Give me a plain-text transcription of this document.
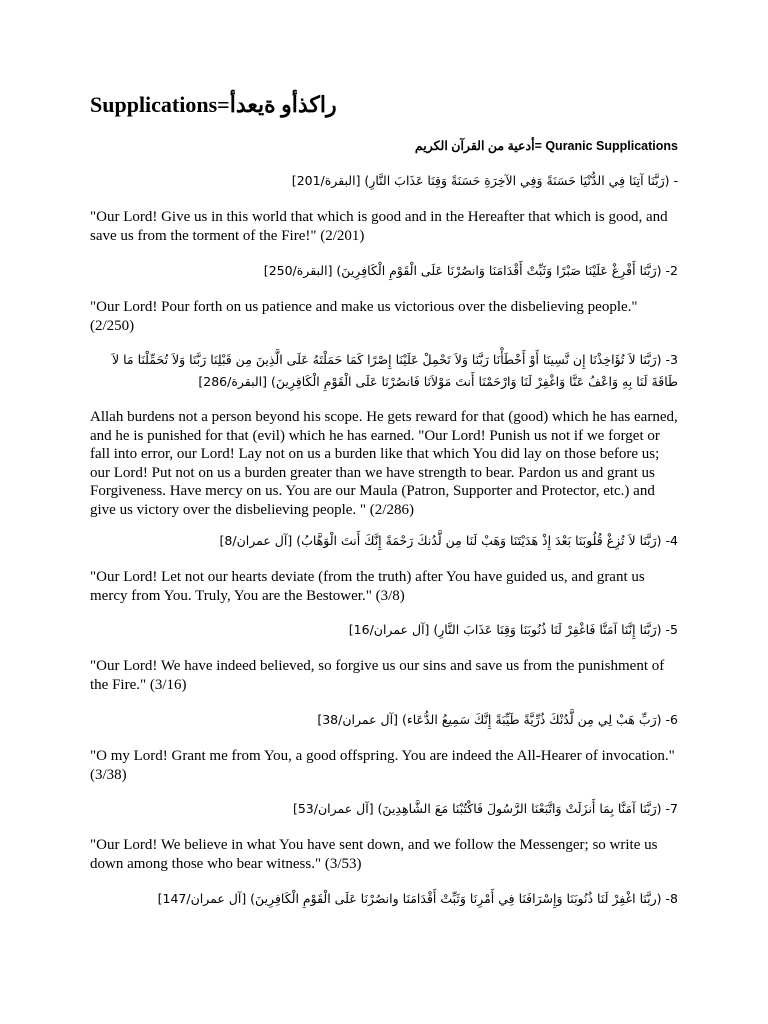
Supplications=راكذأو ةيعدأ
أدعية من القرآن الكريم= Quranic Supplications
- (رَبَّنَا آتِنَا فِي الدُّنْيَا حَسَنَةً وَفِي الآخِرَةِ حَسَنَةً وَقِنَا عَذَابَ النَّارِ) [البقرة/201]
"Our Lord! Give us in this world that which is good and in the Hereafter that which is good, and save us from the torment of the Fire!" (2/201)
2- (رَبَّنَا أَفْرِغْ عَلَيْنَا صَبْرًا وَثَبِّتْ أَقْدَامَنَا وَانصُرْنَا عَلَى الْقَوْمِ الْكَافِرِينَ) [البقرة/250]
"Our Lord! Pour forth on us patience and make us victorious over the disbelieving people." (2/250)
3- (رَبَّنَا لاَ تُؤَاخِذْنَا إِن نَّسِينَا أَوْ أَخْطَأْنَا رَبَّنَا وَلاَ تَحْمِلْ عَلَيْنَا إِصْرًا كَمَا حَمَلْتَهُ عَلَى الَّذِينَ مِن قَبْلِنَا رَبَّنَا وَلاَ تُحَمِّلْنَا مَا لاَ طَاقَةَ لَنَا بِهِ وَاعْفُ عَنَّا وَاغْفِرْ لَنَا وَارْحَمْنَا أَنتَ مَوْلاَنَا فَانصُرْنَا عَلَى الْقَوْمِ الْكَافِرِينَ) [البقرة/286]
Allah burdens not a person beyond his scope. He gets reward for that (good) which he has earned, and he is punished for that (evil) which he has earned. "Our Lord! Punish us not if we forget or fall into error, our Lord! Lay not on us a burden like that which You did lay on those before us; our Lord! Put not on us a burden greater than we have strength to bear. Pardon us and grant us Forgiveness. Have mercy on us. You are our Maula (Patron, Supporter and Protector, etc.) and give us victory over the disbelieving people. " (2/286)
4- (رَبَّنَا لاَ تُزِغْ قُلُوبَنَا بَعْدَ إِذْ هَدَيْتَنَا وَهَبْ لَنَا مِن لَّدُنكَ رَحْمَةً إِنَّكَ أَنتَ الْوَهَّابُ) [آل عمران/8]
"Our Lord! Let not our hearts deviate (from the truth) after You have guided us, and grant us mercy from You. Truly, You are the Bestower." (3/8)
5- (رَبَّنَا إِنَّنَا آمَنَّا فَاغْفِرْ لَنَا ذُنُوبَنَا وَقِنَا عَذَابَ النَّارِ) [آل عمران/16]
"Our Lord! We have indeed believed, so forgive us our sins and save us from the punishment of the Fire." (3/16)
6- (رَبِّ هَبْ لِي مِن لَّدُنْكَ ذُرِّيَّةً طَيِّبَةً إِنَّكَ سَمِيعُ الدُّعَاء) [آل عمران/38]
"O my Lord! Grant me from You, a good offspring. You are indeed the All-Hearer of invocation." (3/38)
7- (رَبَّنَا آمَنَّا بِمَا أَنزَلَتْ وَاتَّبَعْنَا الرَّسُولَ فَاكْتُبْنَا مَعَ الشَّاهِدِينَ) [آل عمران/53]
"Our Lord! We believe in what You have sent down, and we follow the Messenger; so write us down among those who bear witness." (3/53)
8- (ربَّنَا اغْفِرْ لَنَا ذُنُوبَنَا وَإِسْرَافَنَا فِي أَمْرِنَا وَثَبِّتْ أَقْدَامَنَا وانصُرْنَا عَلَى الْقَوْمِ الْكَافِرِينَ) [آل عمران/147]
